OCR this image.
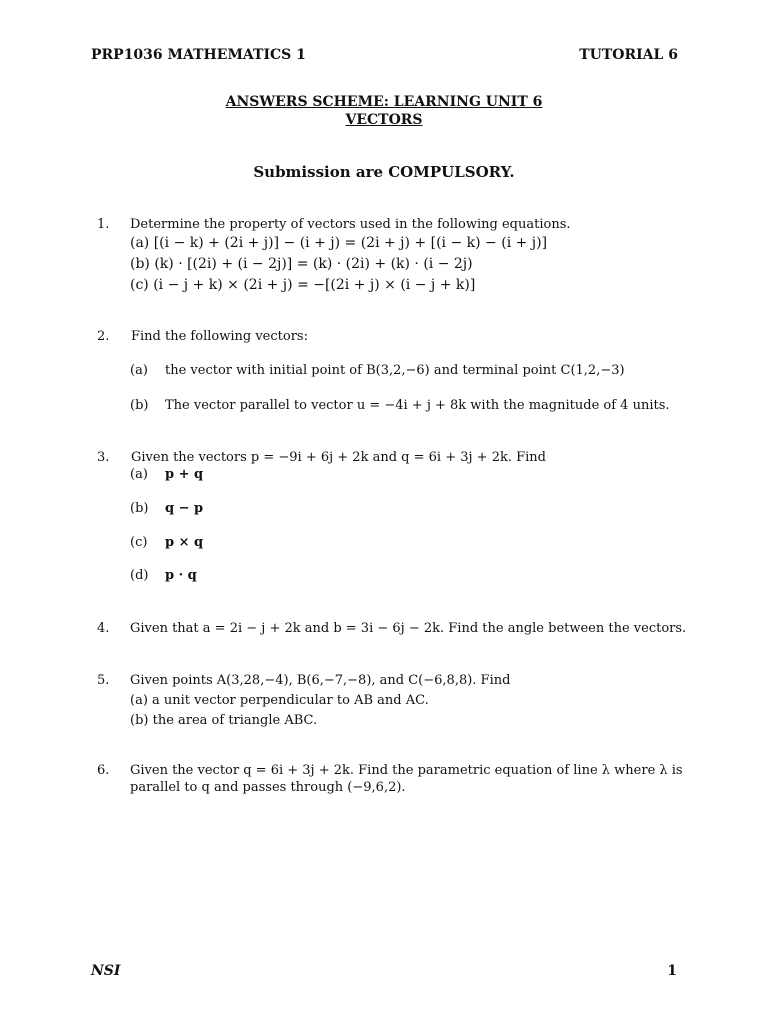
PRP1036 MATHEMATICS 1	TUTORIAL 6

ANSWERS SCHEME: LEARNING UNIT 6

VECTORS

Submission are COMPULSORY.

1. Determine the property of vectors used in the following equations.

(a) [(i − k) + (2i + j)] − (i + j) = (2i + j) + [(i − k) − (i + j)]

(b) (k) · [(2i) + (i − 2j)] = (k) · (2i) + (k) · (i − 2j)

(c) (i − j + k) × (2i + j) = −[(2i + j) × (i − j + k)]

2. Find the following vectors:

(a) the vector with initial point of B(3,2,−6) and terminal point C(1,2,−3)

(b) The vector parallel to vector u = −4i + j + 8k with the magnitude of 4 units.

3. Given the vectors p = −9i + 6j + 2k and q = 6i + 3j + 2k. Find

(a) p + q

(b) q − p

(c) p × q

(d) p · q

4. Given that a = 2i − j + 2k and b = 3i − 6j − 2k. Find the angle between the vectors.

5. Given points A(3,28,−4), B(6,−7,−8), and C(−6,8,8). Find

(a) a unit vector perpendicular to AB and AC.

(b) the area of triangle ABC.

6. Given the vector q = 6i + 3j + 2k. Find the parametric equation of line λ where λ is

parallel to q and passes through (−9,6,2).

NSI	1
